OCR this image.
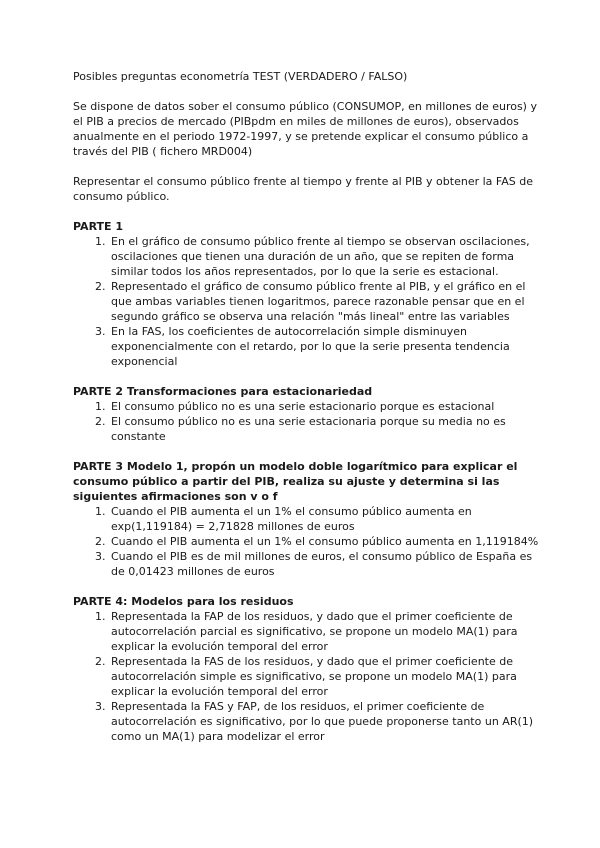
Posibles preguntas econometría TEST (VERDADERO / FALSO)

Se dispone de datos sober el consumo público (CONSUMOP, en millones de euros) y el PIB a precios de mercado (PIBpdm en miles de millones de euros), observados anualmente en el periodo 1972-1997, y se pretende explicar el consumo público a través del PIB ( fichero MRD004)

Representar el consumo público frente al tiempo y frente al PIB y obtener la FAS de consumo público.

PARTE 1

1. En el gráfico de consumo público frente al tiempo se observan oscilaciones, oscilaciones que tienen una duración de un año, que se repiten de forma similar todos los años representados, por lo que la serie es estacional.
2. Representado el gráfico de consumo público frente al PIB, y el gráfico en el que ambas variables tienen logaritmos, parece razonable pensar que en el segundo gráfico se observa una relación "más lineal" entre las variables
3. En la FAS, los coeficientes de autocorrelación simple disminuyen exponencialmente con el retardo, por lo que la serie presenta tendencia exponencial

PARTE 2 Transformaciones para estacionariedad

1. El consumo público no es una serie estacionario porque es estacional
2. El consumo público no es una serie estacionaria porque su media no es constante

PARTE 3 Modelo 1, propón un modelo doble logarítmico para explicar el consumo público a partir del PIB, realiza su ajuste y determina si las siguientes afirmaciones son v o f

1. Cuando el PIB aumenta el un 1% el consumo público aumenta en exp(1,119184) = 2,71828 millones de euros
2. Cuando el PIB aumenta el un 1% el consumo público aumenta en 1,119184%
3. Cuando el PIB es de mil millones de euros, el consumo público de España es de 0,01423 millones de euros

PARTE 4: Modelos para los residuos

1. Representada la FAP de los residuos, y dado que el primer coeficiente de autocorrelación parcial es significativo, se propone un modelo MA(1) para explicar la evolución temporal del error
2. Representada la FAS de los residuos, y dado que el primer coeficiente de autocorrelación simple es significativo, se propone un modelo MA(1) para explicar la evolución temporal del error
3. Representada la FAS y FAP, de los residuos, el primer coeficiente de autocorrelación es significativo, por lo que puede proponerse tanto un AR(1) como un MA(1) para modelizar el error
